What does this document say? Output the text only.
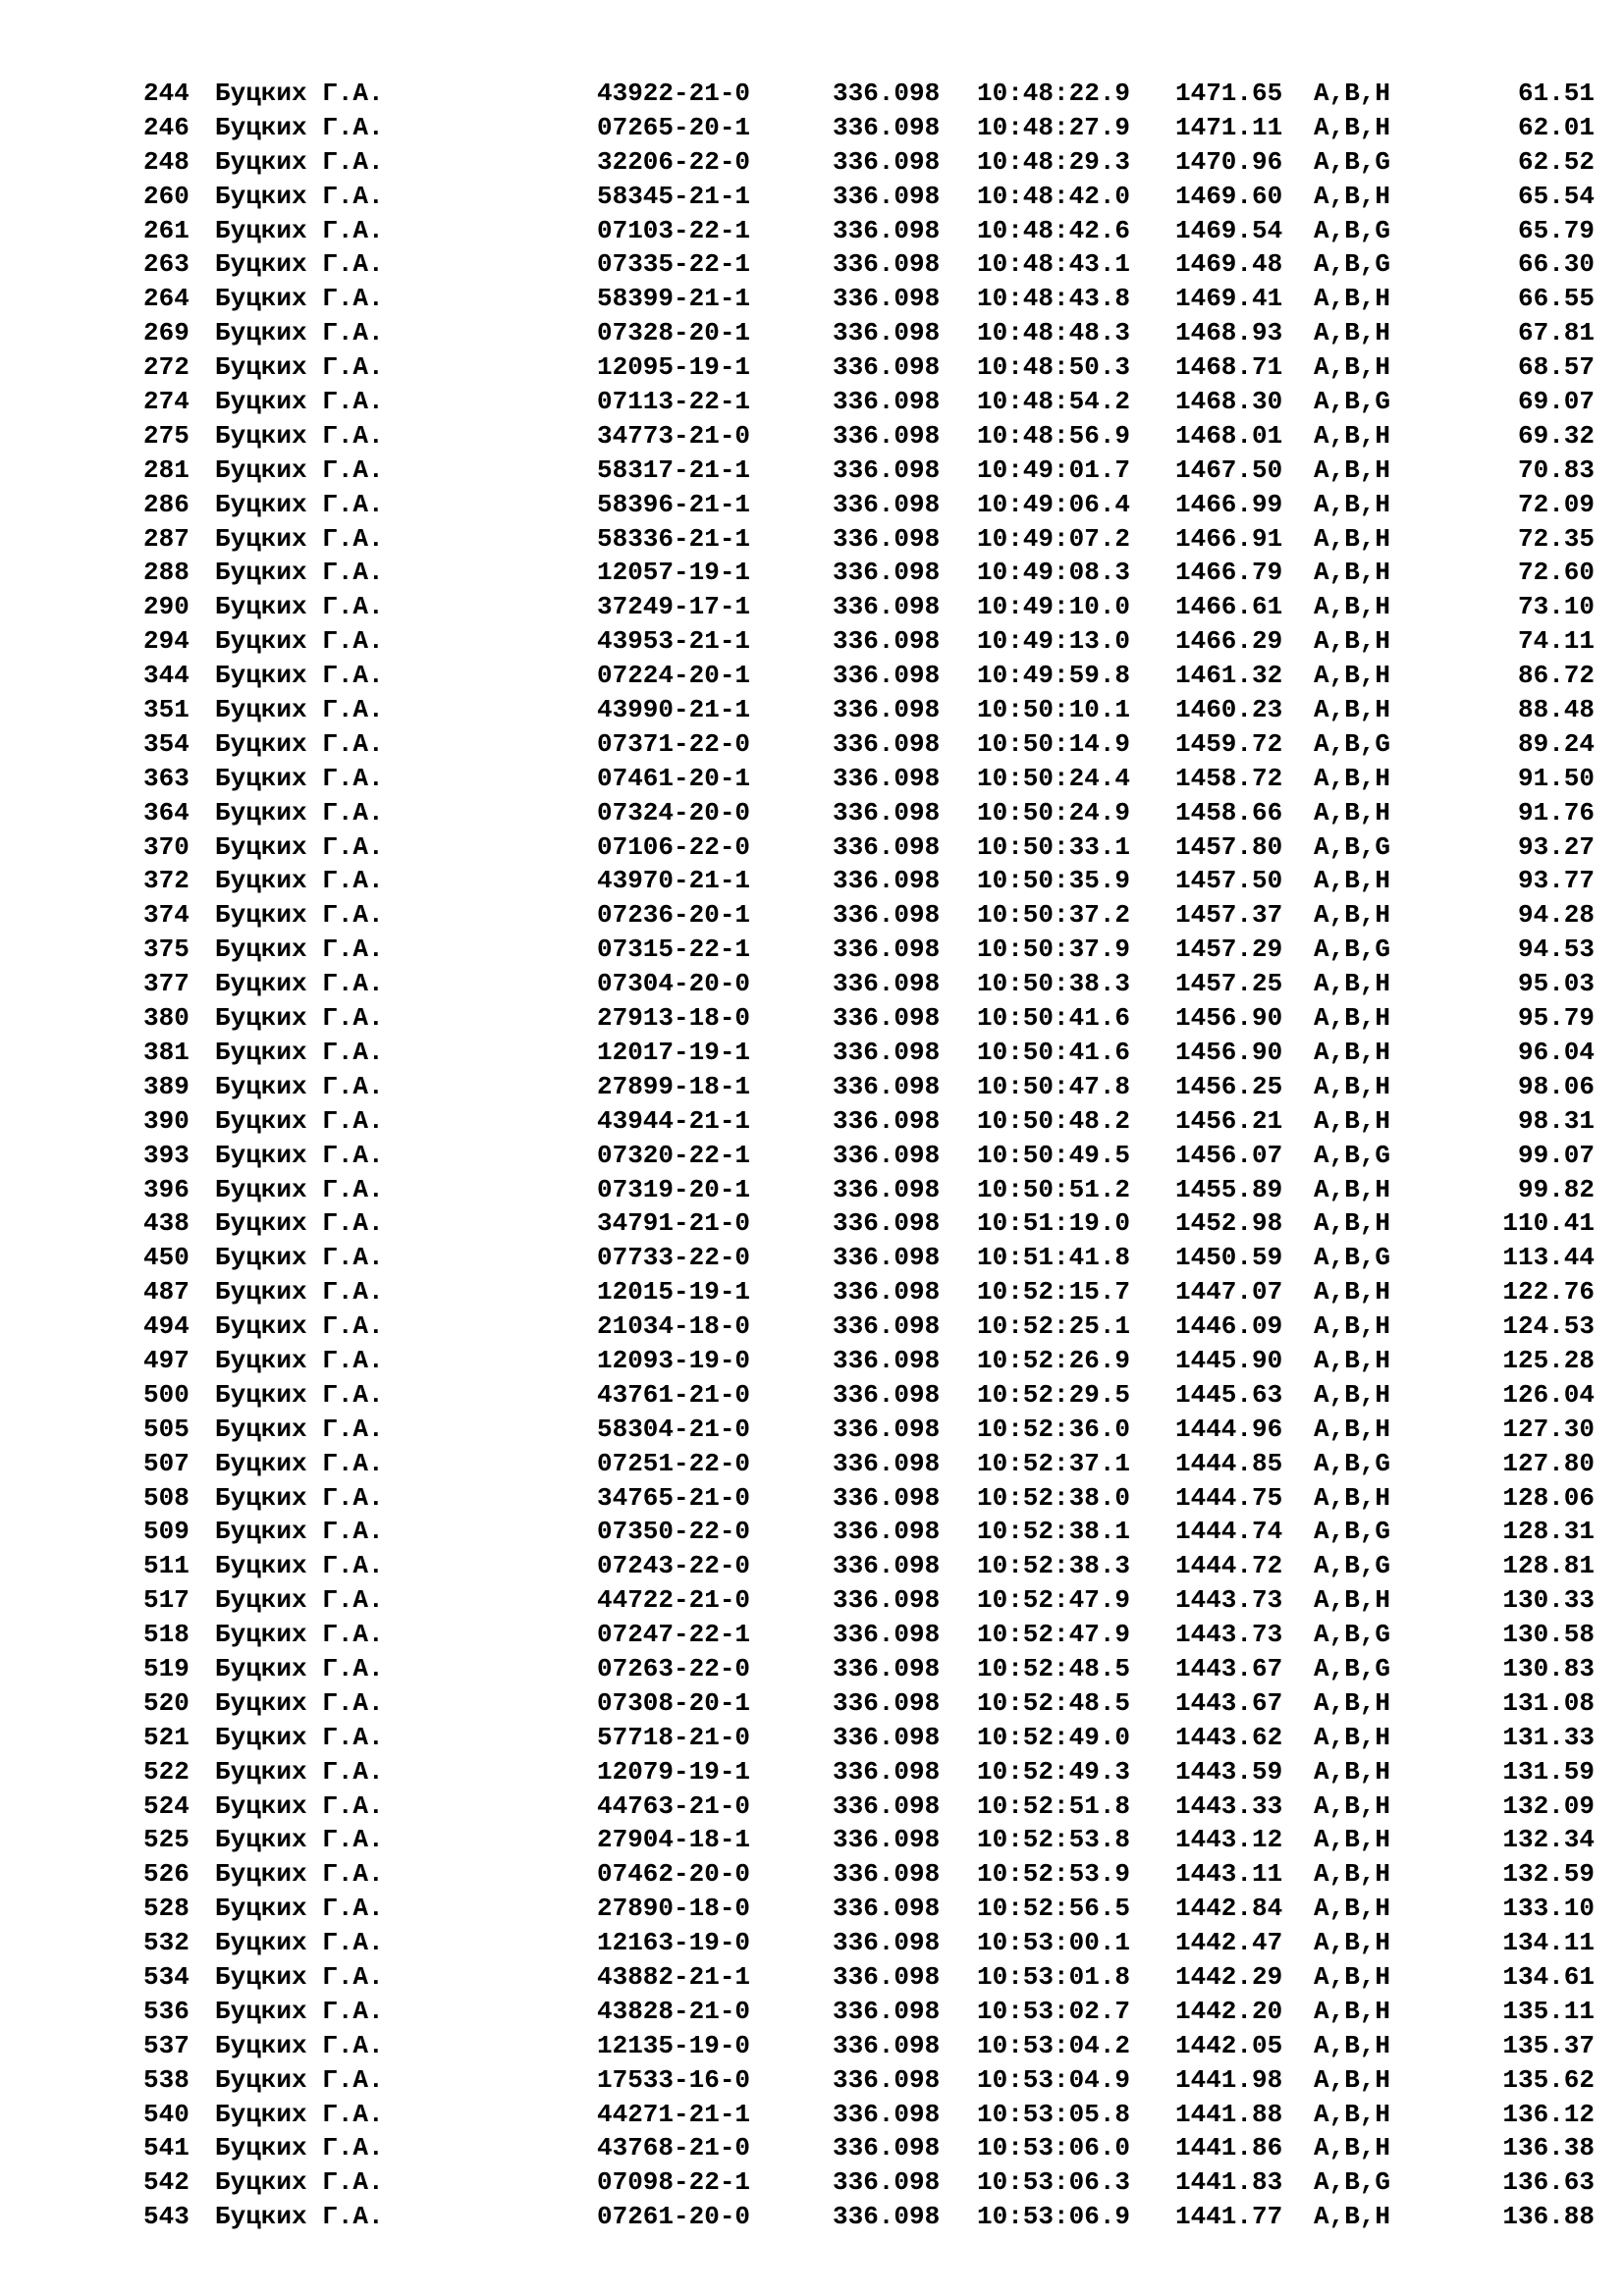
244 Буцких Г.А.	43922-21-0	336.098 10:48:22.9 1471.65 A,B,H	61.51
246 Буцких Г.А.	07265-20-1	336.098 10:48:27.9 1471.11 A,B,H	62.01
248 Буцких Г.А.	32206-22-0	336.098 10:48:29.3 1470.96 A,B,G	62.52
260 Буцких Г.А.	58345-21-1	336.098 10:48:42.0 1469.60 A,B,H	65.54
261 Буцких Г.А.	07103-22-1	336.098 10:48:42.6 1469.54 A,B,G	65.79
263 Буцких Г.А.	07335-22-1	336.098 10:48:43.1 1469.48 A,B,G	66.30
264 Буцких Г.А.	58399-21-1	336.098 10:48:43.8 1469.41 A,B,H	66.55
269 Буцких Г.А.	07328-20-1	336.098 10:48:48.3 1468.93 A,B,H	67.81
272 Буцких Г.А.	12095-19-1	336.098 10:48:50.3 1468.71 A,B,H	68.57
274 Буцких Г.А.	07113-22-1	336.098 10:48:54.2 1468.30 A,B,G	69.07
275 Буцких Г.А.	34773-21-0	336.098 10:48:56.9 1468.01 A,B,H	69.32
281 Буцких Г.А.	58317-21-1	336.098 10:49:01.7 1467.50 A,B,H	70.83
286 Буцких Г.А.	58396-21-1	336.098 10:49:06.4 1466.99 A,B,H	72.09
287 Буцких Г.А.	58336-21-1	336.098 10:49:07.2 1466.91 A,B,H	72.35
288 Буцких Г.А.	12057-19-1	336.098 10:49:08.3 1466.79 A,B,H	72.60
290 Буцких Г.А.	37249-17-1	336.098 10:49:10.0 1466.61 A,B,H	73.10
294 Буцких Г.А.	43953-21-1	336.098 10:49:13.0 1466.29 A,B,H	74.11
344 Буцких Г.А.	07224-20-1	336.098 10:49:59.8 1461.32 A,B,H	86.72
351 Буцких Г.А.	43990-21-1	336.098 10:50:10.1 1460.23 A,B,H	88.48
354 Буцких Г.А.	07371-22-0	336.098 10:50:14.9 1459.72 A,B,G	89.24
363 Буцких Г.А.	07461-20-1	336.098 10:50:24.4 1458.72 A,B,H	91.50
364 Буцких Г.А.	07324-20-0	336.098 10:50:24.9 1458.66 A,B,H	91.76
370 Буцких Г.А.	07106-22-0	336.098 10:50:33.1 1457.80 A,B,G	93.27
372 Буцких Г.А.	43970-21-1	336.098 10:50:35.9 1457.50 A,B,H	93.77
374 Буцких Г.А.	07236-20-1	336.098 10:50:37.2 1457.37 A,B,H	94.28
375 Буцких Г.А.	07315-22-1	336.098 10:50:37.9 1457.29 A,B,G	94.53
377 Буцких Г.А.	07304-20-0	336.098 10:50:38.3 1457.25 A,B,H	95.03
380 Буцких Г.А.	27913-18-0	336.098 10:50:41.6 1456.90 A,B,H	95.79
381 Буцких Г.А.	12017-19-1	336.098 10:50:41.6 1456.90 A,B,H	96.04
389 Буцких Г.А.	27899-18-1	336.098 10:50:47.8 1456.25 A,B,H	98.06
390 Буцких Г.А.	43944-21-1	336.098 10:50:48.2 1456.21 A,B,H	98.31
393 Буцких Г.А.	07320-22-1	336.098 10:50:49.5 1456.07 A,B,G	99.07
396 Буцких Г.А.	07319-20-1	336.098 10:50:51.2 1455.89 A,B,H	99.82
438 Буцких Г.А.	34791-21-0	336.098 10:51:19.0 1452.98 A,B,H	110.41
450 Буцких Г.А.	07733-22-0	336.098 10:51:41.8 1450.59 A,B,G	113.44
487 Буцких Г.А.	12015-19-1	336.098 10:52:15.7 1447.07 A,B,H	122.76
494 Буцких Г.А.	21034-18-0	336.098 10:52:25.1 1446.09 A,B,H	124.53
497 Буцких Г.А.	12093-19-0	336.098 10:52:26.9 1445.90 A,B,H	125.28
500 Буцких Г.А.	43761-21-0	336.098 10:52:29.5 1445.63 A,B,H	126.04
505 Буцких Г.А.	58304-21-0	336.098 10:52:36.0 1444.96 A,B,H	127.30
507 Буцких Г.А.	07251-22-0	336.098 10:52:37.1 1444.85 A,B,G	127.80
508 Буцких Г.А.	34765-21-0	336.098 10:52:38.0 1444.75 A,B,H	128.06
509 Буцких Г.А.	07350-22-0	336.098 10:52:38.1 1444.74 A,B,G	128.31
511 Буцких Г.А.	07243-22-0	336.098 10:52:38.3 1444.72 A,B,G	128.81
517 Буцких Г.А.	44722-21-0	336.098 10:52:47.9 1443.73 A,B,H	130.33
518 Буцких Г.А.	07247-22-1	336.098 10:52:47.9 1443.73 A,B,G	130.58
519 Буцких Г.А.	07263-22-0	336.098 10:52:48.5 1443.67 A,B,G	130.83
520 Буцких Г.А.	07308-20-1	336.098 10:52:48.5 1443.67 A,B,H	131.08
521 Буцких Г.А.	57718-21-0	336.098 10:52:49.0 1443.62 A,B,H	131.33
522 Буцких Г.А.	12079-19-1	336.098 10:52:49.3 1443.59 A,B,H	131.59
524 Буцких Г.А.	44763-21-0	336.098 10:52:51.8 1443.33 A,B,H	132.09
525 Буцких Г.А.	27904-18-1	336.098 10:52:53.8 1443.12 A,B,H	132.34
526 Буцких Г.А.	07462-20-0	336.098 10:52:53.9 1443.11 A,B,H	132.59
528 Буцких Г.А.	27890-18-0	336.098 10:52:56.5 1442.84 A,B,H	133.10
532 Буцких Г.А.	12163-19-0	336.098 10:53:00.1 1442.47 A,B,H	134.11
534 Буцких Г.А.	43882-21-1	336.098 10:53:01.8 1442.29 A,B,H	134.61
536 Буцких Г.А.	43828-21-0	336.098 10:53:02.7 1442.20 A,B,H	135.11
537 Буцких Г.А.	12135-19-0	336.098 10:53:04.2 1442.05 A,B,H	135.37
538 Буцких Г.А.	17533-16-0	336.098 10:53:04.9 1441.98 A,B,H	135.62
540 Буцких Г.А.	44271-21-1	336.098 10:53:05.8 1441.88 A,B,H	136.12
541 Буцких Г.А.	43768-21-0	336.098 10:53:06.0 1441.86 A,B,H	136.38
542 Буцких Г.А.	07098-22-1	336.098 10:53:06.3 1441.83 A,B,G	136.63
543 Буцких Г.А.	07261-20-0	336.098 10:53:06.9 1441.77 A,B,H	136.88
